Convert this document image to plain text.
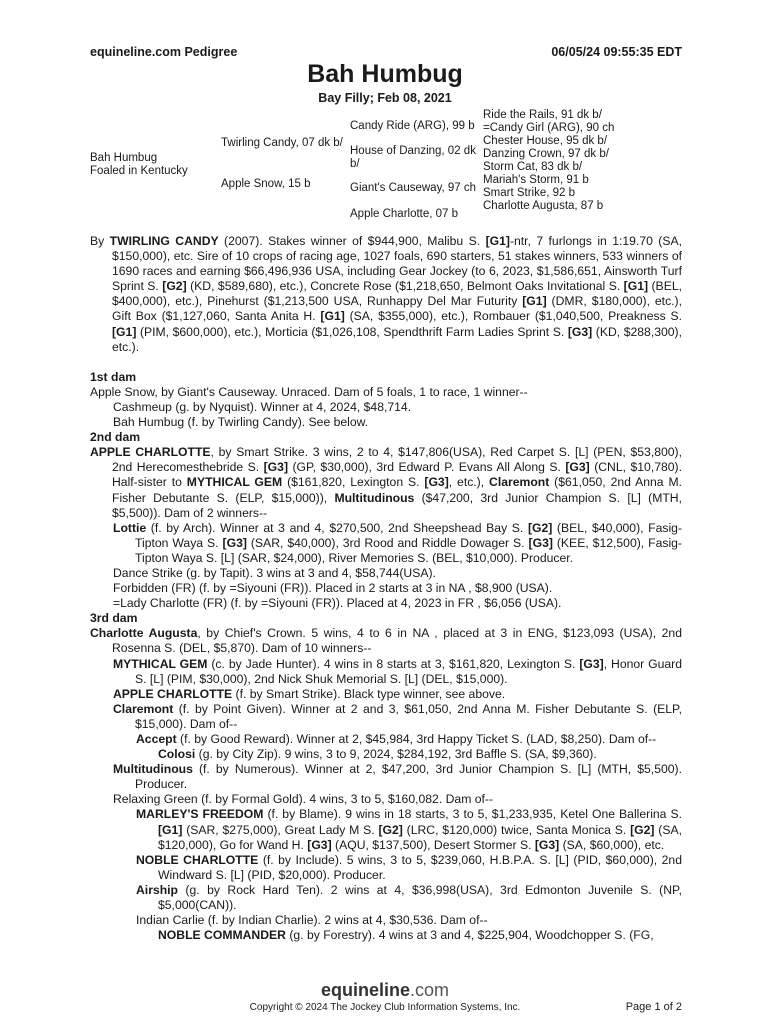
equineline.com Pedigree	06/05/24 09:55:35 EDT
Bah Humbug
Bay Filly; Feb 08, 2021
Bah Humbug
Foaled in Kentucky
Twirling Candy, 07 dk b/
Apple Snow, 15 b
Candy Ride (ARG), 99 b
House of Danzing, 02 dk
b/
Giant's Causeway, 97 ch
Apple Charlotte, 07 b
Ride the Rails, 91 dk b/
=Candy Girl (ARG), 90 ch
Chester House, 95 dk b/
Danzing Crown, 97 dk b/
Storm Cat, 83 dk b/
Mariah's Storm, 91 b
Smart Strike, 92 b
Charlotte Augusta, 87 b
By TWIRLING CANDY (2007). Stakes winner of $944,900, Malibu S. [G1]-ntr, 7 furlongs in 1:19.70 (SA, $150,000), etc. Sire of 10 crops of racing age, 1027 foals, 690 starters, 51 stakes winners, 533 winners of 1690 races and earning $66,496,936 USA, including Gear Jockey (to 6, 2023, $1,586,651, Ainsworth Turf Sprint S. [G2] (KD, $589,680), etc.), Concrete Rose ($1,218,650, Belmont Oaks Invitational S. [G1] (BEL, $400,000), etc.), Pinehurst ($1,213,500 USA, Runhappy Del Mar Futurity [G1] (DMR, $180,000), etc.), Gift Box ($1,127,060, Santa Anita H. [G1] (SA, $355,000), etc.), Rombauer ($1,040,500, Preakness S. [G1] (PIM, $600,000), etc.), Morticia ($1,026,108, Spendthrift Farm Ladies Sprint S. [G3] (KD, $288,300), etc.).
1st dam
Apple Snow, by Giant's Causeway. Unraced. Dam of 5 foals, 1 to race, 1 winner--
Cashmeup (g. by Nyquist). Winner at 4, 2024, $48,714.
Bah Humbug (f. by Twirling Candy). See below.
2nd dam
APPLE CHARLOTTE, by Smart Strike. 3 wins, 2 to 4, $147,806(USA), Red Carpet S. [L] (PEN, $53,800), 2nd Herecomesthebride S. [G3] (GP, $30,000), 3rd Edward P. Evans All Along S. [G3] (CNL, $10,780). Half-sister to MYTHICAL GEM ($161,820, Lexington S. [G3], etc.), Claremont ($61,050, 2nd Anna M. Fisher Debutante S. (ELP, $15,000)), Multitudinous ($47,200, 3rd Junior Champion S. [L] (MTH, $5,500)). Dam of 2 winners--
Lottie (f. by Arch). Winner at 3 and 4, $270,500, 2nd Sheepshead Bay S. [G2] (BEL, $40,000), Fasig-Tipton Waya S. [G3] (SAR, $40,000), 3rd Rood and Riddle Dowager S. [G3] (KEE, $12,500), Fasig-Tipton Waya S. [L] (SAR, $24,000), River Memories S. (BEL, $10,000). Producer.
Dance Strike (g. by Tapit). 3 wins at 3 and 4, $58,744(USA).
Forbidden (FR) (f. by =Siyouni (FR)). Placed in 2 starts at 3 in NA , $8,900 (USA).
=Lady Charlotte (FR) (f. by =Siyouni (FR)). Placed at 4, 2023 in FR , $6,056 (USA).
3rd dam
Charlotte Augusta, by Chief's Crown. 5 wins, 4 to 6 in NA , placed at 3 in ENG, $123,093 (USA), 2nd Rosenna S. (DEL, $5,870). Dam of 10 winners--
MYTHICAL GEM (c. by Jade Hunter). 4 wins in 8 starts at 3, $161,820, Lexington S. [G3], Honor Guard S. [L] (PIM, $30,000), 2nd Nick Shuk Memorial S. [L] (DEL, $15,000).
APPLE CHARLOTTE (f. by Smart Strike). Black type winner, see above.
Claremont (f. by Point Given). Winner at 2 and 3, $61,050, 2nd Anna M. Fisher Debutante S. (ELP, $15,000). Dam of--
Accept (f. by Good Reward). Winner at 2, $45,984, 3rd Happy Ticket S. (LAD, $8,250). Dam of--
Colosi (g. by City Zip). 9 wins, 3 to 9, 2024, $284,192, 3rd Baffle S. (SA, $9,360).
Multitudinous (f. by Numerous). Winner at 2, $47,200, 3rd Junior Champion S. [L] (MTH, $5,500). Producer.
Relaxing Green (f. by Formal Gold). 4 wins, 3 to 5, $160,082. Dam of--
MARLEY'S FREEDOM (f. by Blame). 9 wins in 18 starts, 3 to 5, $1,233,935, Ketel One Ballerina S. [G1] (SAR, $275,000), Great Lady M S. [G2] (LRC, $120,000) twice, Santa Monica S. [G2] (SA, $120,000), Go for Wand H. [G3] (AQU, $137,500), Desert Stormer S. [G3] (SA, $60,000), etc.
NOBLE CHARLOTTE (f. by Include). 5 wins, 3 to 5, $239,060, H.B.P.A. S. [L] (PID, $60,000), 2nd Windward S. [L] (PID, $20,000). Producer.
Airship (g. by Rock Hard Ten). 2 wins at 4, $36,998(USA), 3rd Edmonton Juvenile S. (NP, $5,000(CAN)).
Indian Carlie (f. by Indian Charlie). 2 wins at 4, $30,536. Dam of--
NOBLE COMMANDER (g. by Forestry). 4 wins at 3 and 4, $225,904, Woodchopper S. (FG,
equineline.com
Copyright © 2024 The Jockey Club Information Systems, Inc.	Page 1 of 2
